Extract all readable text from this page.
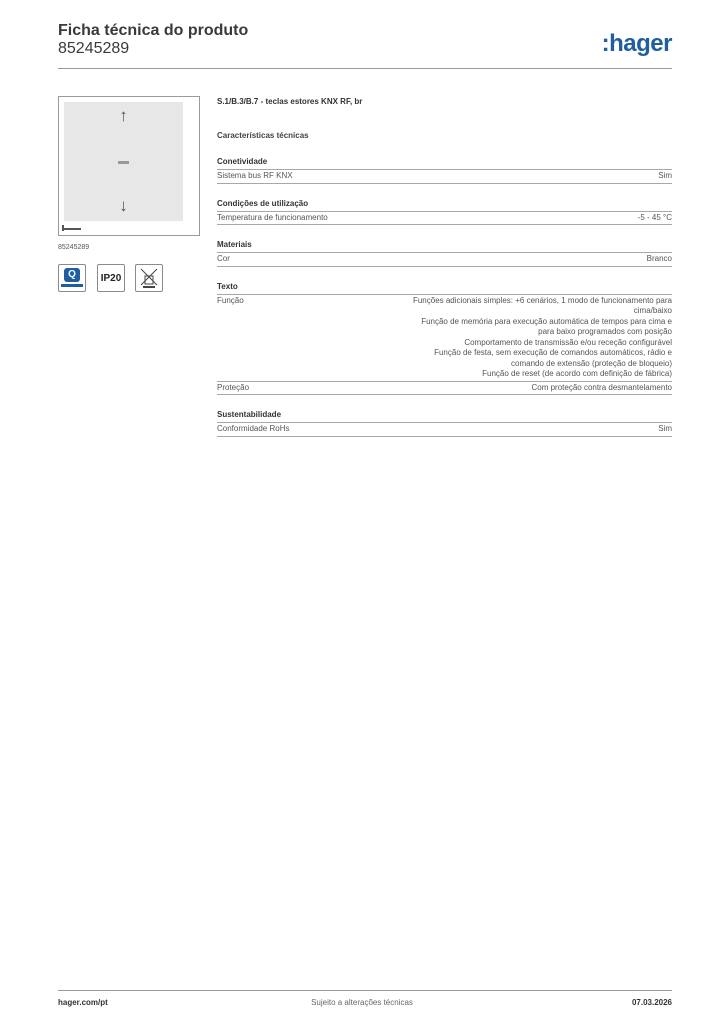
Ficha técnica do produto
85245289	:hager
↑
↓
85245289
Q	IP20
S.1/B.3/B.7 - teclas estores KNX RF, br
Características técnicas
Conetividade
Sistema bus RF KNX	Sim
Condições de utilização
Temperatura de funcionamento	-5 - 45 °C
Materiais
Cor	Branco
Texto
Função	Funções adicionais simples: +6 cenários, 1 modo de funcionamento para
cima/baixo
Função de memória para execução automática de tempos para cima e
para baixo programados com posição
Comportamento de transmissão e/ou receção configurável
Função de festa, sem execução de comandos automáticos, rádio e
comando de extensão (proteção de bloqueio)
Função de reset (de acordo com definição de fábrica)
Proteção	Com proteção contra desmantelamento
Sustentabilidade
Conformidade RoHs	Sim
hager.com/pt	Sujeito a alterações técnicas	07.03.2026
